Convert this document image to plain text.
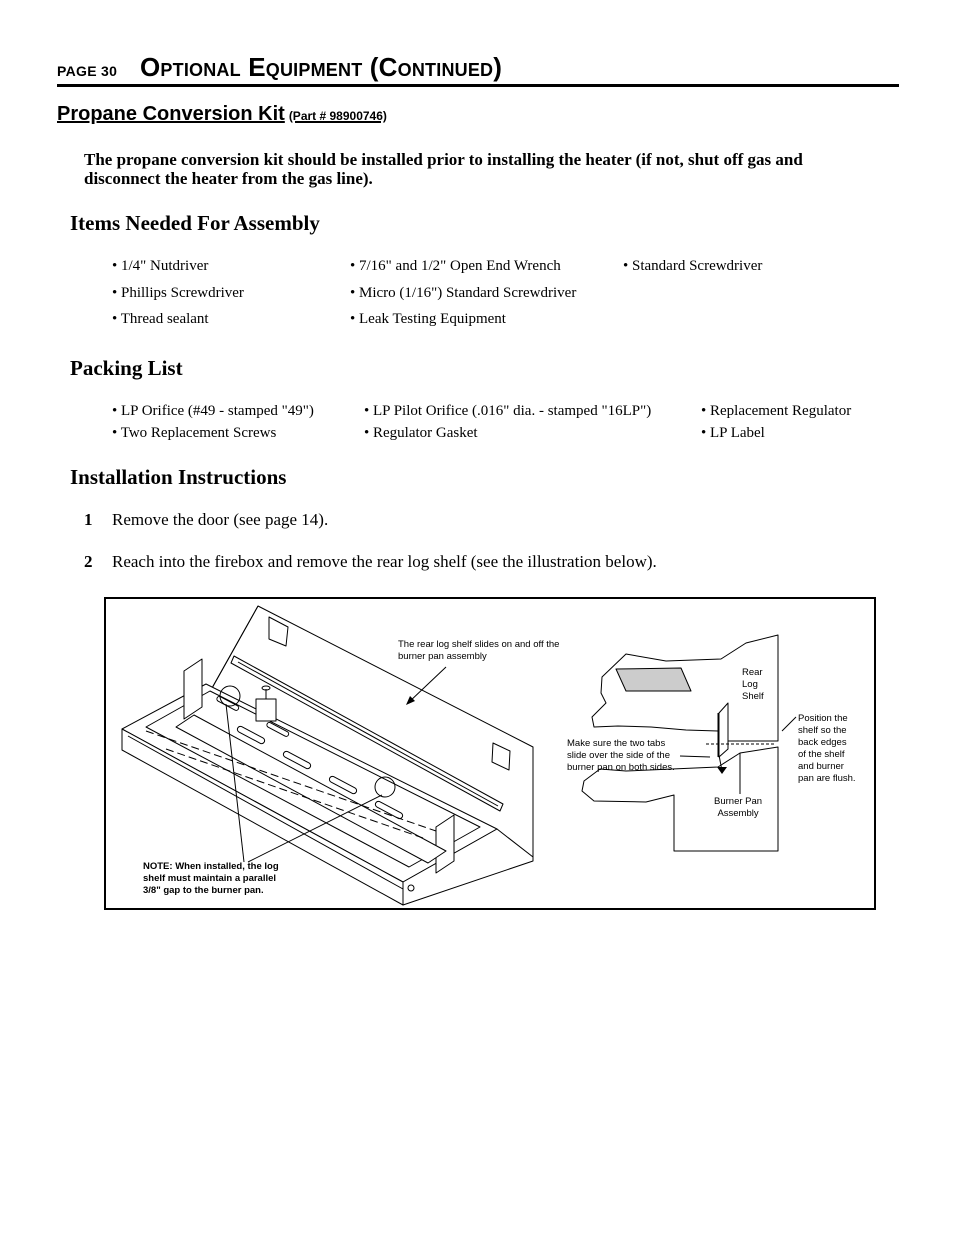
PAGE 30 Optional Equipment (Continued)
Propane Conversion Kit (Part # 98900746)
The propane conversion kit should be installed prior to installing the heater (if not, shut off gas and disconnect the heater from the gas line).
Items Needed For Assembly
• 1/4" Nutdriver	• 7/16" and 1/2" Open End Wrench	• Standard Screwdriver
• Phillips Screwdriver	• Micro (1/16") Standard Screwdriver
• Thread sealant	• Leak Testing Equipment
Packing List
• LP Orifice (#49 - stamped "49")	• LP Pilot Orifice (.016" dia. - stamped "16LP")	• Replacement Regulator
• Two Replacement Screws	• Regulator Gasket	• LP Label
Installation Instructions
1 Remove the door (see page 14).
2 Reach into the firebox and remove the rear log shelf (see the illustration below).
The rear log shelf slides on and off the
burner pan assembly
Rear
Log
Shelf
Make sure the two tabs
slide over the side of the
burner pan on both sides.
Position the
shelf so the
back edges
of the shelf
and burner
pan are flush.
Burner Pan
Assembly
NOTE: When installed, the log
shelf must maintain a parallel
3/8" gap to the burner pan.
